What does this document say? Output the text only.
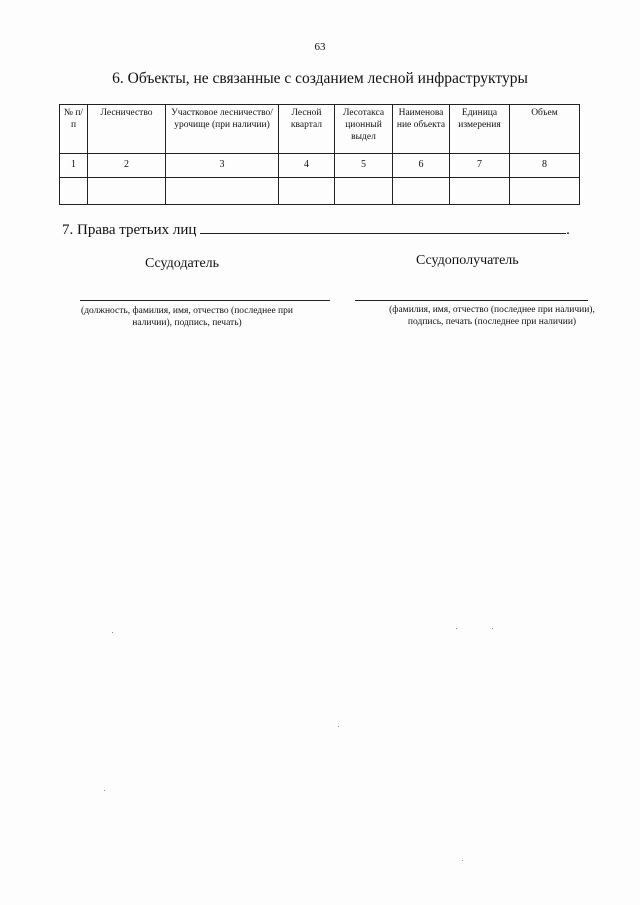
63
6. Объекты, не связанные с созданием лесной инфраструктуры
№ п/п	Лесничество	Участковое лесничество/урочище (при наличии)	Лесной квартал	Лесотакса ционный выдел	Наименова ние объекта	Единица измерения	Объем
1	2	3	4	5	6	7	8

7. Права третьих лиц	.
Ссудодатель	Ссудополучатель
(должность, фамилия, имя, отчество (последнее при наличии), подпись, печать)
(фамилия, имя, отчество (последнее при наличии), подпись, печать (последнее при наличии)
